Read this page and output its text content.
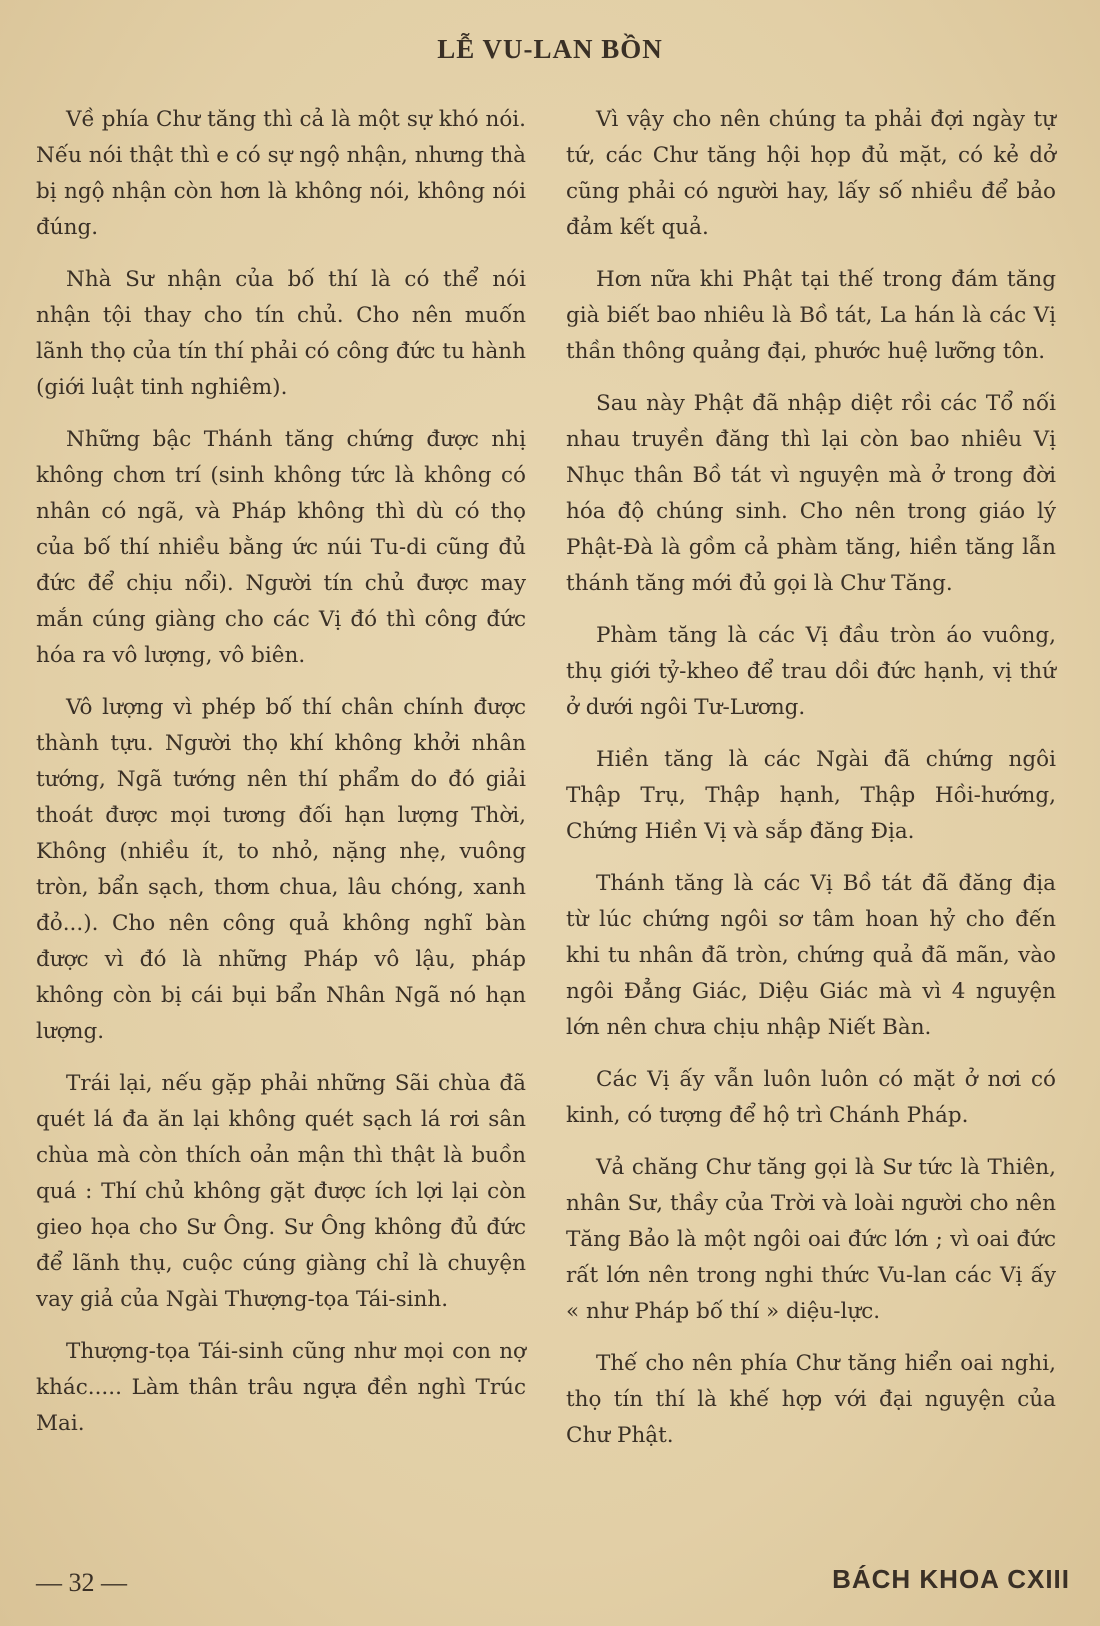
LỄ VU-LAN BỒN

Về phía Chư tăng thì cả là một sự khó nói. Nếu nói thật thì e có sự ngộ nhận, nhưng thà bị ngộ nhận còn hơn là không nói, không nói đúng.

Nhà Sư nhận của bố thí là có thể nói nhận tội thay cho tín chủ. Cho nên muốn lãnh thọ của tín thí phải có công đức tu hành (giới luật tinh nghiêm).

Những bậc Thánh tăng chứng được nhị không chơn trí (sinh không tức là không có nhân có ngã, và Pháp không thì dù có thọ của bố thí nhiều bằng ức núi Tu-di cũng đủ đức để chịu nổi). Người tín chủ được may mắn cúng giàng cho các Vị đó thì công đức hóa ra vô lượng, vô biên.

Vô lượng vì phép bố thí chân chính được thành tựu. Người thọ khí không khởi nhân tướng, Ngã tướng nên thí phẩm do đó giải thoát được mọi tương đối hạn lượng Thời, Không (nhiều ít, to nhỏ, nặng nhẹ, vuông tròn, bẩn sạch, thơm chua, lâu chóng, xanh đỏ...). Cho nên công quả không nghĩ bàn được vì đó là những Pháp vô lậu, pháp không còn bị cái bụi bẩn Nhân Ngã nó hạn lượng.

Trái lại, nếu gặp phải những Sãi chùa đã quét lá đa ăn lại không quét sạch lá rơi sân chùa mà còn thích oản mận thì thật là buồn quá : Thí chủ không gặt được ích lợi lại còn gieo họa cho Sư Ông. Sư Ông không đủ đức để lãnh thụ, cuộc cúng giàng chỉ là chuyện vay giả của Ngài Thượng-tọa Tái-sinh.

Thượng-tọa Tái-sinh cũng như mọi con nợ khác..... Làm thân trâu ngựa đền nghì Trúc Mai.

Vì vậy cho nên chúng ta phải đợi ngày tự tứ, các Chư tăng hội họp đủ mặt, có kẻ dở cũng phải có người hay, lấy số nhiều để bảo đảm kết quả.

Hơn nữa khi Phật tại thế trong đám tăng già biết bao nhiêu là Bồ tát, La hán là các Vị thần thông quảng đại, phước huệ lưỡng tôn.

Sau này Phật đã nhập diệt rồi các Tổ nối nhau truyền đăng thì lại còn bao nhiêu Vị Nhục thân Bồ tát vì nguyện mà ở trong đời hóa độ chúng sinh. Cho nên trong giáo lý Phật-Đà là gồm cả phàm tăng, hiền tăng lẫn thánh tăng mới đủ gọi là Chư Tăng.

Phàm tăng là các Vị đầu tròn áo vuông, thụ giới tỷ-kheo để trau dồi đức hạnh, vị thứ ở dưới ngôi Tư-Lương.

Hiền tăng là các Ngài đã chứng ngôi Thập Trụ, Thập hạnh, Thập Hồi-hướng, Chứng Hiền Vị và sắp đăng Địa.

Thánh tăng là các Vị Bồ tát đã đăng địa từ lúc chứng ngôi sơ tâm hoan hỷ cho đến khi tu nhân đã tròn, chứng quả đã mãn, vào ngôi Đẳng Giác, Diệu Giác mà vì 4 nguyện lớn nên chưa chịu nhập Niết Bàn.

Các Vị ấy vẫn luôn luôn có mặt ở nơi có kinh, có tượng để hộ trì Chánh Pháp.

Vả chăng Chư tăng gọi là Sư tức là Thiên, nhân Sư, thầy của Trời và loài người cho nên Tăng Bảo là một ngôi oai đức lớn ; vì oai đức rất lớn nên trong nghi thức Vu-lan các Vị ấy « như Pháp bố thí » diệu-lực.

Thế cho nên phía Chư tăng hiển oai nghi, thọ tín thí là khế hợp với đại nguyện của Chư Phật.

— 32 —	BÁCH KHOA CXIII
